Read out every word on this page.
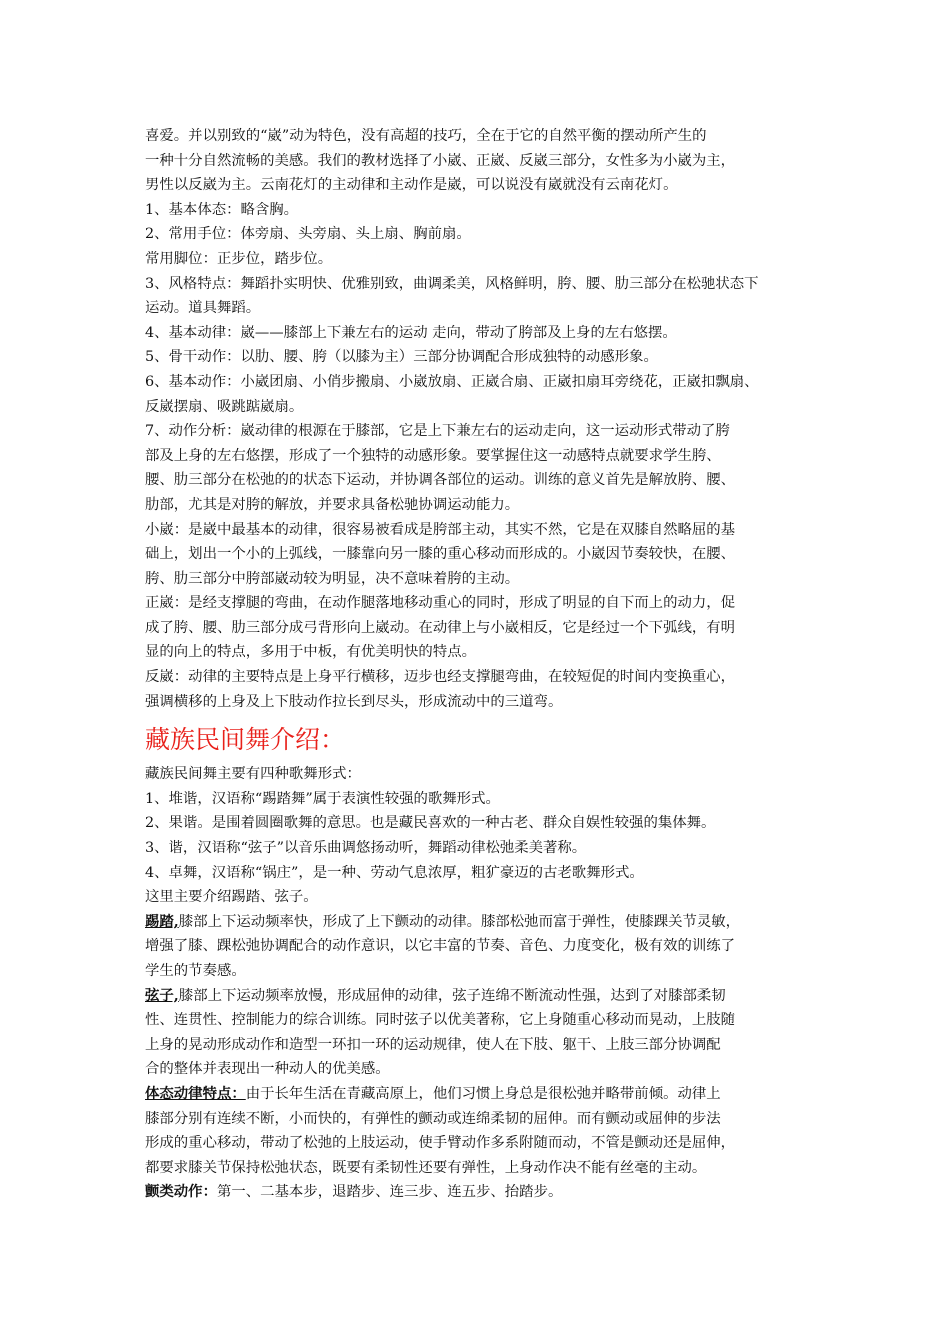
喜爱。并以别致的“崴”动为特色，没有高超的技巧，全在于它的自然平衡的摆动所产生的
一种十分自然流畅的美感。我们的教材选择了小崴、正崴、反崴三部分，女性多为小崴为主，
男性以反崴为主。云南花灯的主动律和主动作是崴，可以说没有崴就没有云南花灯。
1、基本体态：略含胸。
2、常用手位：体旁扇、头旁扇、头上扇、胸前扇。
常用脚位：正步位，踏步位。
3、风格特点：舞蹈扑实明快、优雅别致，曲调柔美，风格鲜明，胯、腰、肋三部分在松驰状态下
运动。道具舞蹈。
4、基本动律：崴——膝部上下兼左右的运动 走向，带动了胯部及上身的左右悠摆。
5、骨干动作：以肋、腰、胯（以膝为主）三部分协调配合形成独特的动感形象。
6、基本动作：小崴团扇、小俏步搬扇、小崴放扇、正崴合扇、正崴扣扇耳旁绕花，正崴扣飘扇、
反崴摆扇、吸跳踮崴扇。
7、动作分析：崴动律的根源在于膝部，它是上下兼左右的运动走向，这一运动形式带动了胯
部及上身的左右悠摆，形成了一个独特的动感形象。要掌握住这一动感特点就要求学生胯、
腰、肋三部分在松弛的的状态下运动，并协调各部位的运动。训练的意义首先是解放胯、腰、
肋部，尤其是对胯的解放，并要求具备松驰协调运动能力。
小崴：是崴中最基本的动律，很容易被看成是胯部主动，其实不然，它是在双膝自然略屈的基
础上，划出一个小的上弧线，一膝靠向另一膝的重心移动而形成的。小崴因节奏较快，在腰、
胯、肋三部分中胯部崴动较为明显，决不意味着胯的主动。
正崴：是经支撑腿的弯曲，在动作腿落地移动重心的同时，形成了明显的自下而上的动力，促
成了胯、腰、肋三部分成弓背形向上崴动。在动律上与小崴相反，它是经过一个下弧线，有明
显的向上的特点，多用于中板，有优美明快的特点。
反崴：动律的主要特点是上身平行横移，迈步也经支撑腿弯曲，在较短促的时间内变换重心，
强调横移的上身及上下肢动作拉长到尽头，形成流动中的三道弯。
藏族民间舞介绍：
藏族民间舞主要有四种歌舞形式：
1、堆谐，汉语称“踢踏舞”属于表演性较强的歌舞形式。
2、果谐。是围着圆圈歌舞的意思。也是藏民喜欢的一种古老、群众自娱性较强的集体舞。
3、谐，汉语称“弦子”以音乐曲调悠扬动听，舞蹈动律松弛柔美著称。
4、卓舞，汉语称“锅庄”，是一种、劳动气息浓厚，粗犷豪迈的古老歌舞形式。
这里主要介绍踢踏、弦子。
踢踏,膝部上下运动频率快，形成了上下颤动的动律。膝部松弛而富于弹性，使膝踝关节灵敏，
增强了膝、踝松弛协调配合的动作意识，以它丰富的节奏、音色、力度变化，极有效的训练了
学生的节奏感。
弦子,膝部上下运动频率放慢，形成屈伸的动律，弦子连绵不断流动性强，达到了对膝部柔韧
性、连贯性、控制能力的综合训练。同时弦子以优美著称，它上身随重心移动而晃动，上肢随
上身的晃动形成动作和造型一环扣一环的运动规律，使人在下肢、躯干、上肢三部分协调配
合的整体并表现出一种动人的优美感。
体态动律特点：由于长年生活在青藏高原上，他们习惯上身总是很松弛并略带前倾。动律上
膝部分别有连续不断，小而快的，有弹性的颤动或连绵柔韧的屈伸。而有颤动或屈伸的步法
形成的重心移动，带动了松弛的上肢运动，使手臂动作多系附随而动，不管是颤动还是屈伸，
都要求膝关节保持松弛状态，既要有柔韧性还要有弹性，上身动作决不能有丝毫的主动。
颤类动作：第一、二基本步，退踏步、连三步、连五步、抬踏步。
